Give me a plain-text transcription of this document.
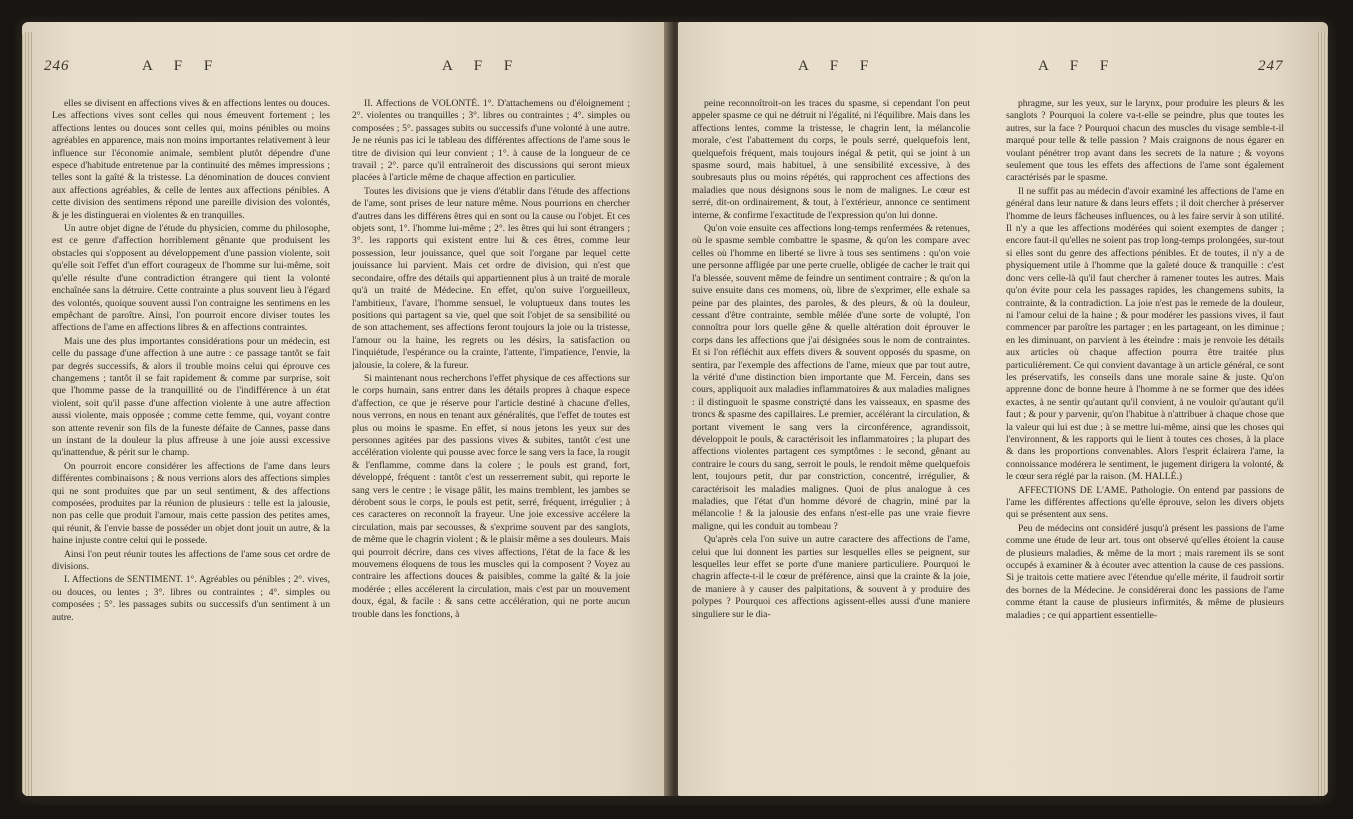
246	A F F	A F F

elles se divisent en affections vives & en affections lentes ou douces. Les affections vives sont celles qui nous émeuvent fortement ; les affections lentes ou douces sont celles qui, moins pénibles ou moins agréables en apparence, mais non moins importantes relativement à leur influence sur l'économie animale, semblent plutôt dépendre d'une espece d'habitude entretenue par la continuité des mêmes impressions ; telles sont la gaîté & la tristesse. La dénomination de douces convient aux affections agréables, & celle de lentes aux affections pénibles. A cette division des sentimens répond une pareille division des volontés, & je les distinguerai en violentes & en tranquilles.

Un autre objet digne de l'étude du physicien, comme du philosophe, est ce genre d'affection horriblement gênante que produisent les obstacles qui s'opposent au développement d'une passion violente, soit qu'elle soit l'effet d'un effort courageux de l'homme sur lui-même, soit qu'elle résulte d'une contradiction étrangere qui tient la volonté enchaînée sans la détruire. Cette contrainte a plus souvent lieu à l'égard des volontés, quoique souvent aussi l'on contraigne les sentimens en les empêchant de paroître. Ainsi, l'on pourroit encore diviser toutes les affections de l'ame en affections libres & en affections contraintes.

Mais une des plus importantes considérations pour un médecin, est celle du passage d'une affection à une autre : ce passage tantôt se fait par degrés successifs, & alors il trouble moins celui qui éprouve ces changemens ; tantôt il se fait rapidement & comme par surprise, soit que l'homme passe de la tranquillité ou de l'indifférence à un état violent, soit qu'il passe d'une affection violente à une autre affection aussi violente, mais opposée ; comme cette femme, qui, voyant contre son attente revenir son fils de la funeste défaite de Cannes, passe dans un instant de la douleur la plus affreuse à une joie aussi excessive qu'inattendue, & périt sur le champ.

On pourroit encore considérer les affections de l'ame dans leurs différentes combinaisons ; & nous verrions alors des affections simples qui ne sont produites que par un seul sentiment, & des affections composées, produites par la réunion de plusieurs : telle est la jalousie, non pas celle que produit l'amour, mais cette passion des petites ames, qui réunit, & l'envie basse de posséder un objet dont jouit un autre, & la haine injuste contre celui qui le possede.

Ainsi l'on peut réunir toutes les affections de l'ame sous cet ordre de divisions.

I. Affections de SENTIMENT. 1°. Agréables ou pénibles ; 2°. vives, ou douces, ou lentes ; 3°. libres ou contraintes ; 4°. simples ou composées ; 5°. les passages subits ou successifs d'un sentiment à un autre.

II. Affections de VOLONTÉ. 1°. D'attachemens ou d'éloignement ; 2°. violentes ou tranquilles ; 3°. libres ou contraintes ; 4°. simples ou composées ; 5°. passages subits ou successifs d'une volonté à une autre. Je ne réunis pas ici le tableau des différentes affections de l'ame sous le titre de division qui leur convient ; 1°. à cause de la longueur de ce travail ; 2°. parce qu'il entraîneroit des discussions qui seront mieux placées à l'article même de chaque affection en particulier.

Toutes les divisions que je viens d'établir dans l'étude des affections de l'ame, sont prises de leur nature même. Nous pourrions en chercher d'autres dans les différens êtres qui en sont ou la cause ou l'objet. Et ces objets sont, 1°. l'homme lui-même ; 2°. les êtres qui lui sont étrangers ; 3°. les rapports qui existent entre lui & ces êtres, comme leur possession, leur jouissance, quel que soit l'organe par lequel cette jouissance lui parvient. Mais cet ordre de division, qui n'est que secondaire, offre des détails qui appartiennent plus à un traité de morale qu'à un traité de Médecine. En effet, qu'on suive l'orgueilleux, l'ambitieux, l'avare, l'homme sensuel, le voluptueux dans toutes les positions qui partagent sa vie, quel que soit l'objet de sa sensibilité ou de son attachement, ses affections feront toujours la joie ou la tristesse, l'amour ou la haine, les regrets ou les désirs, la satisfaction ou l'inquiétude, l'espérance ou la crainte, l'attente, l'impatience, l'envie, la jalousie, la colere, & la fureur.

Si maintenant nous recherchons l'effet physique de ces affections sur le corps humain, sans entrer dans les détails propres à chaque espece d'affection, ce que je réserve pour l'article destiné à chacune d'elles, nous verrons, en nous en tenant aux généralités, que l'effet de toutes est plus ou moins le spasme. En effet, si nous jetons les yeux sur des personnes agitées par des passions vives & subites, tantôt c'est une accélération violente qui pousse avec force le sang vers la face, la rougit & l'enflamme, comme dans la colere ; le pouls est grand, fort, développé, fréquent : tantôt c'est un resserrement subit, qui reporte le sang vers le centre ; le visage pâlit, les mains tremblent, les jambes se dérobent sous le corps, le pouls est petit, serré, fréquent, irrégulier ; à ces caracteres on reconnoît la frayeur. Une joie excessive accélere la circulation, mais par secousses, & s'exprime souvent par des sanglots, de même que le chagrin violent ; & le plaisir même a ses douleurs. Mais qui pourroit décrire, dans ces vives affections, l'état de la face & les mouvemens éloquens de tous les muscles qui la composent ? Voyez au contraire les affections douces & paisibles, comme la gaîté & la joie modérée ; elles accélerent la circulation, mais c'est par un mouvement doux, égal, & facile : & sans cette accélération, qui ne porte aucun trouble dans les fonctions, à

A F F	A F F	247

peine reconnoîtroit-on les traces du spasme, si cependant l'on peut appeler spasme ce qui ne détruit ni l'égalité, ni l'équilibre. Mais dans les affections lentes, comme la tristesse, le chagrin lent, la mélancolie morale, c'est l'abattement du corps, le pouls serré, quelquefois lent, quelquefois fréquent, mais toujours inégal & petit, qui se joint à un spasme sourd, mais habituel, à une sensibilité excessive, à des soubresauts plus ou moins répétés, qui rapprochent ces affections des maladies que nous désignons sous le nom de malignes. Le cœur est serré, dit-on ordinairement, & tout, à l'extérieur, annonce ce sentiment interne, & confirme l'exactitude de l'expression qu'on lui donne.

Qu'on voie ensuite ces affections long-temps renfermées & retenues, où le spasme semble combattre le spasme, & qu'on les compare avec celles où l'homme en liberté se livre à tous ses sentimens : qu'on voie une personne affligée par une perte cruelle, obligée de cacher le trait qui l'a blessée, souvent même de feindre un sentiment contraire ; & qu'on la suive ensuite dans ces momens, où, libre de s'exprimer, elle exhale sa peine par des plaintes, des paroles, & des pleurs, & où la douleur, cessant d'être contrainte, semble mêlée d'une sorte de volupté, l'on connoîtra pour lors quelle gêne & quelle altération doit éprouver le corps dans les affections que j'ai désignées sous le nom de contraintes. Et si l'on réfléchit aux effets divers & souvent opposés du spasme, on sentira, par l'exemple des affections de l'ame, mieux que par tout autre, la vérité d'une distinction bien importante que M. Fercein, dans ses cours, appliquoit aux maladies inflammatoires & aux maladies malignes : il distinguoit le spasme constriçté dans les vaisseaux, en spasme des troncs & spasme des capillaires. Le premier, accélérant la circulation, & portant vivement le sang vers la circonférence, agrandissoit, développoit le pouls, & caractérisoit les inflammatoires ; la plupart des affections violentes partagent ces symptômes : le second, gênant au contraire le cours du sang, serroit le pouls, le rendoit même quelquefois lent, toujours petit, dur par constriction, concentré, irrégulier, & caractérisoit les maladies malignes. Quoi de plus analogue à ces maladies, que l'état d'un homme dévoré de chagrin, miné par la mélancolie ! & la jalousie des enfans n'est-elle pas une vraie fievre maligne, qui les conduit au tombeau ?

Qu'après cela l'on suive un autre caractere des affections de l'ame, celui que lui donnent les parties sur lesquelles elles se peignent, sur lesquelles leur effet se porte d'une maniere particuliere. Pourquoi le chagrin affecte-t-il le cœur de préférence, ainsi que la crainte & la joie, de maniere à y causer des palpitations, & souvent à y produire des polypes ? Pourquoi ces affections agissent-elles aussi d'une maniere singuliere sur le dia-

phragme, sur les yeux, sur le larynx, pour produire les pleurs & les sanglots ? Pourquoi la colere va-t-elle se peindre, plus que toutes les autres, sur la face ? Pourquoi chacun des muscles du visage semble-t-il marqué pour telle & telle passion ? Mais craignons de nous égarer en voulant pénétrer trop avant dans les secrets de la nature ; & voyons seulement que tous les effets des affections de l'ame sont également caractérisés par le spasme.

Il ne suffit pas au médecin d'avoir examiné les affections de l'ame en général dans leur nature & dans leurs effets ; il doit chercher à préserver l'homme de leurs fâcheuses influences, ou à les faire servir à son utilité. Il n'y a que les affections modérées qui soient exemptes de danger ; encore faut-il qu'elles ne soient pas trop long-temps prolongées, sur-tout si elles sont du genre des affections pénibles. Et de toutes, il n'y a de physiquement utile à l'homme que la gaîeté douce & tranquille : c'est donc vers celle-là qu'il faut chercher à ramener toutes les autres. Mais qu'on évite pour cela les passages rapides, les changemens subits, la contrainte, & la contradiction. La joie n'est pas le remede de la douleur, ni l'amour celui de la haine ; & pour modérer les passions vives, il faut commencer par paroître les partager ; en les partageant, on les diminue ; en les diminuant, on parvient à les éteindre : mais je renvoie les détails aux articles où chaque affection pourra être traitée plus particuliérement. Ce qui convient davantage à un article général, ce sont les préservatifs, les conseils dans une morale saine & juste. Qu'on apprenne donc de bonne heure à l'homme à ne se former que des idées exactes, à ne sentir qu'autant qu'il convient, à ne vouloir qu'autant qu'il faut ; & pour y parvenir, qu'on l'habitue à n'attribuer à chaque chose que la valeur qui lui est due ; à se mettre lui-même, ainsi que les choses qui l'environnent, & les rapports qui le lient à toutes ces choses, à la place & dans les proportions convenables. Alors l'esprit éclairera l'ame, la connoissance modérera le sentiment, le jugement dirigera la volonté, & le cœur sera réglé par la raison. (M. HALLÉ.)

AFFECTIONS DE L'AME. Pathologie. On entend par passions de l'ame les différentes affections qu'elle éprouve, selon les divers objets qui se présentent aux sens.

Peu de médecins ont considéré jusqu'à présent les passions de l'ame comme une étude de leur art. tous ont observé qu'elles étoient la cause de plusieurs maladies, & même de la mort ; mais rarement ils se sont occupés à examiner & à écouter avec attention la cause de ces passions. Si je traitois cette matiere avec l'étendue qu'elle mérite, il faudroit sortir des bornes de la Médecine. Je considérerai donc les passions de l'ame comme étant la cause de plusieurs infirmités, & même de plusieurs maladies ; ce qui appartient essentielle-
